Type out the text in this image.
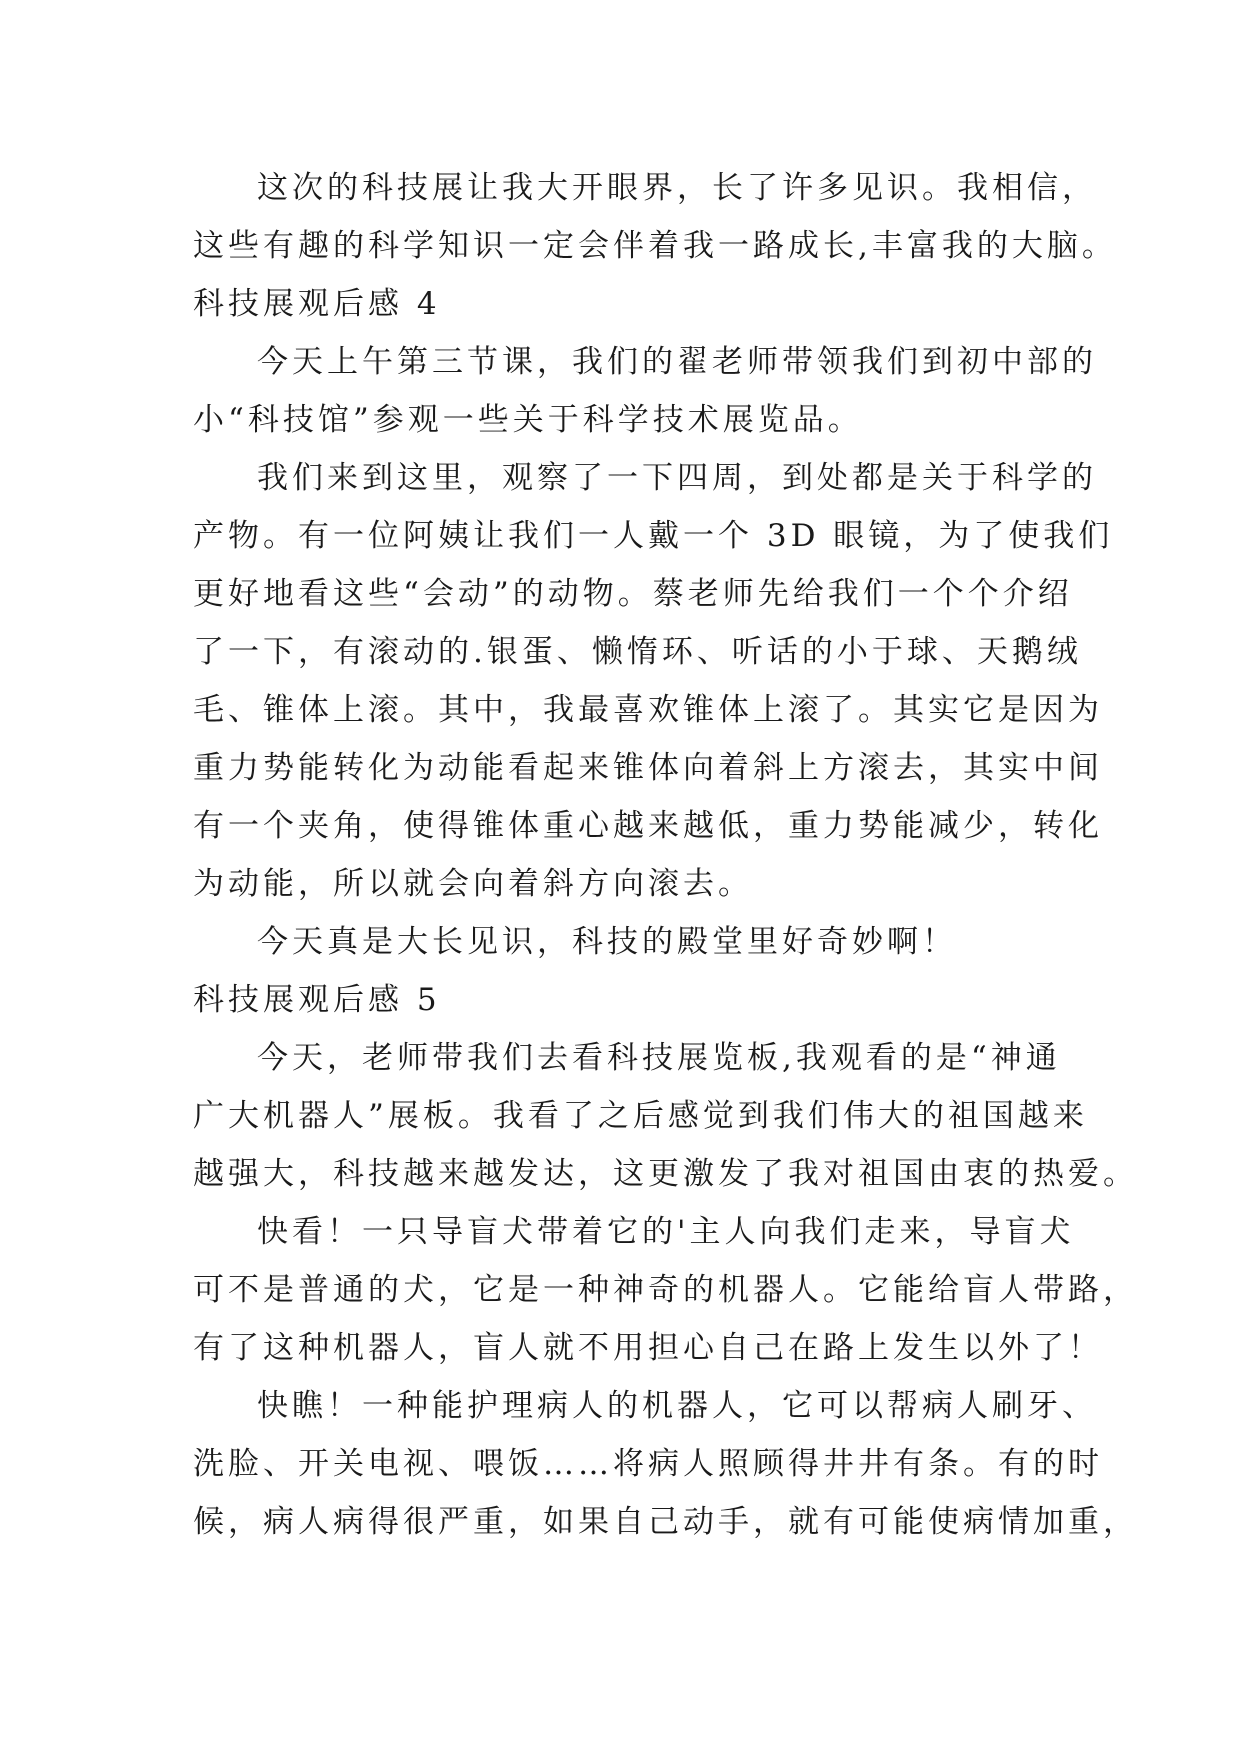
这次的科技展让我大开眼界，长了许多见识。我相信，
这些有趣的科学知识一定会伴着我一路成长,丰富我的大脑。
科技展观后感 4
今天上午第三节课，我们的翟老师带领我们到初中部的
小“科技馆”参观一些关于科学技术展览品。
我们来到这里，观察了一下四周，到处都是关于科学的
产物。有一位阿姨让我们一人戴一个 3D 眼镜，为了使我们
更好地看这些“会动”的动物。蔡老师先给我们一个个介绍
了一下，有滚动的.银蛋、懒惰环、听话的小于球、天鹅绒
毛、锥体上滚。其中，我最喜欢锥体上滚了。其实它是因为
重力势能转化为动能看起来锥体向着斜上方滚去，其实中间
有一个夹角，使得锥体重心越来越低，重力势能减少，转化
为动能，所以就会向着斜方向滚去。
今天真是大长见识，科技的殿堂里好奇妙啊！
科技展观后感 5
今天，老师带我们去看科技展览板,我观看的是“神通
广大机器人”展板。我看了之后感觉到我们伟大的祖国越来
越强大，科技越来越发达，这更激发了我对祖国由衷的热爱。
快看！一只导盲犬带着它的'主人向我们走来，导盲犬
可不是普通的犬，它是一种神奇的机器人。它能给盲人带路，
有了这种机器人，盲人就不用担心自己在路上发生以外了！
快瞧！一种能护理病人的机器人，它可以帮病人刷牙、
洗脸、开关电视、喂饭……将病人照顾得井井有条。有的时
候，病人病得很严重，如果自己动手，就有可能使病情加重，
